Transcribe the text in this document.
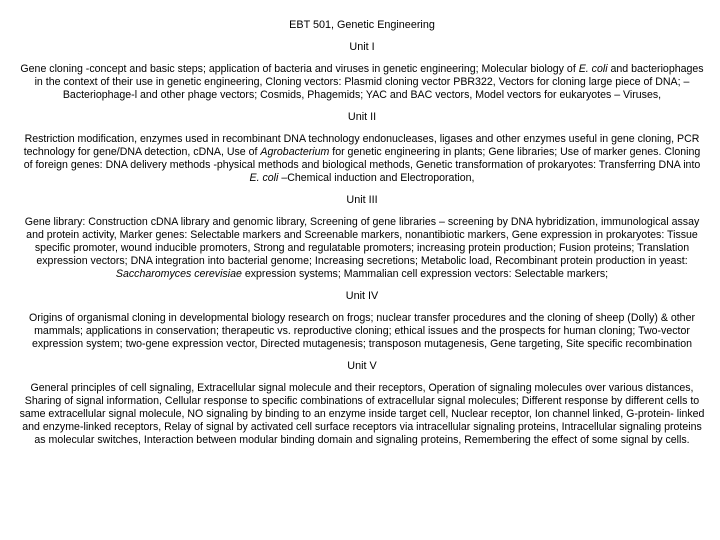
EBT 501, Genetic Engineering
Unit I
Gene cloning -concept and basic steps; application of bacteria and viruses in genetic engineering; Molecular biology of E. coli and bacteriophages in the context of their use in genetic engineering, Cloning vectors: Plasmid cloning vector PBR322, Vectors for cloning large piece of DNA; –Bacteriophage-l and other phage vectors; Cosmids, Phagemids; YAC and BAC vectors, Model vectors for eukaryotes – Viruses,
Unit II
Restriction modification, enzymes used in recombinant DNA technology endonucleases, ligases and other enzymes useful in gene cloning, PCR technology for gene/DNA detection, cDNA, Use of Agrobacterium for genetic engineering in plants; Gene libraries; Use of marker genes. Cloning of foreign genes: DNA delivery methods -physical methods and biological methods, Genetic transformation of prokaryotes: Transferring DNA into E. coli –Chemical induction and Electroporation,
Unit III
Gene library: Construction cDNA library and genomic library, Screening of gene libraries – screening by DNA hybridization, immunological assay and protein activity, Marker genes: Selectable markers and Screenable markers, nonantibiotic markers, Gene expression in prokaryotes: Tissue specific promoter, wound inducible promoters, Strong and regulatable promoters; increasing protein production; Fusion proteins; Translation expression vectors; DNA integration into bacterial genome; Increasing secretions; Metabolic load, Recombinant protein production in yeast: Saccharomyces cerevisiae expression systems; Mammalian cell expression vectors: Selectable markers;
Unit IV
Origins of organismal cloning in developmental biology research on frogs; nuclear transfer procedures and the cloning of sheep (Dolly) & other mammals; applications in conservation; therapeutic vs. reproductive cloning; ethical issues and the prospects for human cloning; Two-vector expression system; two-gene expression vector, Directed mutagenesis; transposon mutagenesis, Gene targeting, Site specific recombination
Unit V
General principles of cell signaling, Extracellular signal molecule and their receptors, Operation of signaling molecules over various distances, Sharing of signal information, Cellular response to specific combinations of extracellular signal molecules; Different response by different cells to same extracellular signal molecule, NO signaling by binding to an enzyme inside target cell, Nuclear receptor, Ion channel linked, G-protein- linked and enzyme-linked receptors, Relay of signal by activated cell surface receptors via intracellular signaling proteins, Intracellular signaling proteins as molecular switches, Interaction between modular binding domain and signaling proteins, Remembering the effect of some signal by cells.
